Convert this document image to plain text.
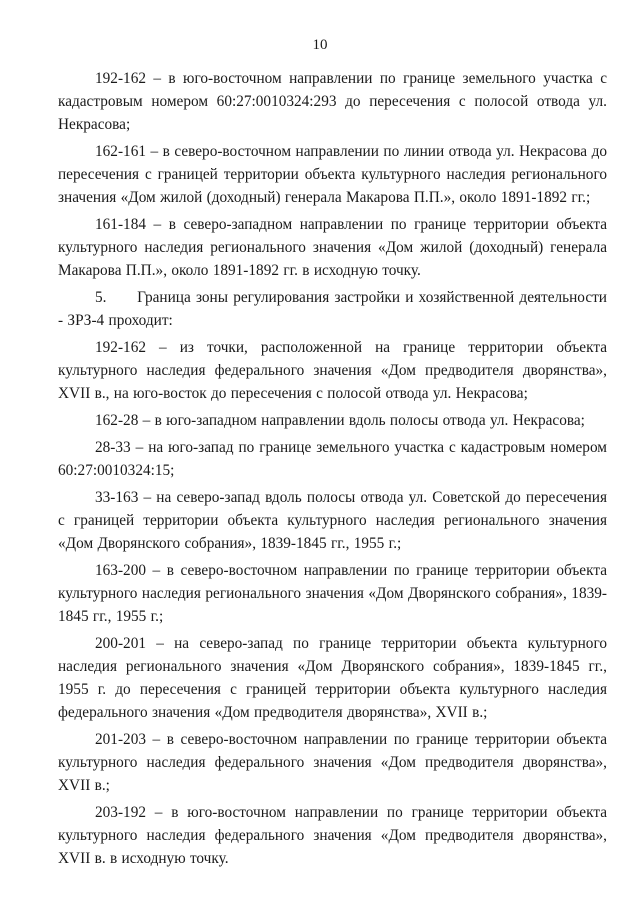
10

192-162 – в юго-восточном направлении по границе земельного участка с кадастровым номером 60:27:0010324:293 до пересечения с полосой отвода ул. Некрасова;

162-161 – в северо-восточном направлении по линии отвода ул. Некрасова до пересечения с границей территории объекта культурного наследия регионального значения «Дом жилой (доходный) генерала Макарова П.П.», около 1891-1892 гг.;

161-184 – в северо-западном направлении по границе территории объекта культурного наследия регионального значения «Дом жилой (доходный) генерала Макарова П.П.», около 1891-1892 гг. в исходную точку.

5.  Граница зоны регулирования застройки и хозяйственной деятельности - ЗРЗ-4 проходит:

192-162 – из точки, расположенной на границе территории объекта культурного наследия федерального значения «Дом предводителя дворянства», XVII в., на юго-восток до пересечения с полосой отвода ул. Некрасова;

162-28 – в юго-западном направлении вдоль полосы отвода ул. Некрасова;

28-33 – на юго-запад по границе земельного участка с кадастровым номером 60:27:0010324:15;

33-163 – на северо-запад вдоль полосы отвода ул. Советской до пересечения с границей территории объекта культурного наследия регионального значения «Дом Дворянского собрания», 1839-1845 гг., 1955 г.;

163-200 – в северо-восточном направлении по границе территории объекта культурного наследия регионального значения «Дом Дворянского собрания», 1839-1845 гг., 1955 г.;

200-201 – на северо-запад по границе территории объекта культурного наследия регионального значения «Дом Дворянского собрания», 1839-1845 гг., 1955 г. до пересечения с границей территории объекта культурного наследия федерального значения «Дом предводителя дворянства», XVII в.;

201-203 – в северо-восточном направлении по границе территории объекта культурного наследия федерального значения «Дом предводителя дворянства», XVII в.;

203-192 – в юго-восточном направлении по границе территории объекта культурного наследия федерального значения «Дом предводителя дворянства», XVII в. в исходную точку.
